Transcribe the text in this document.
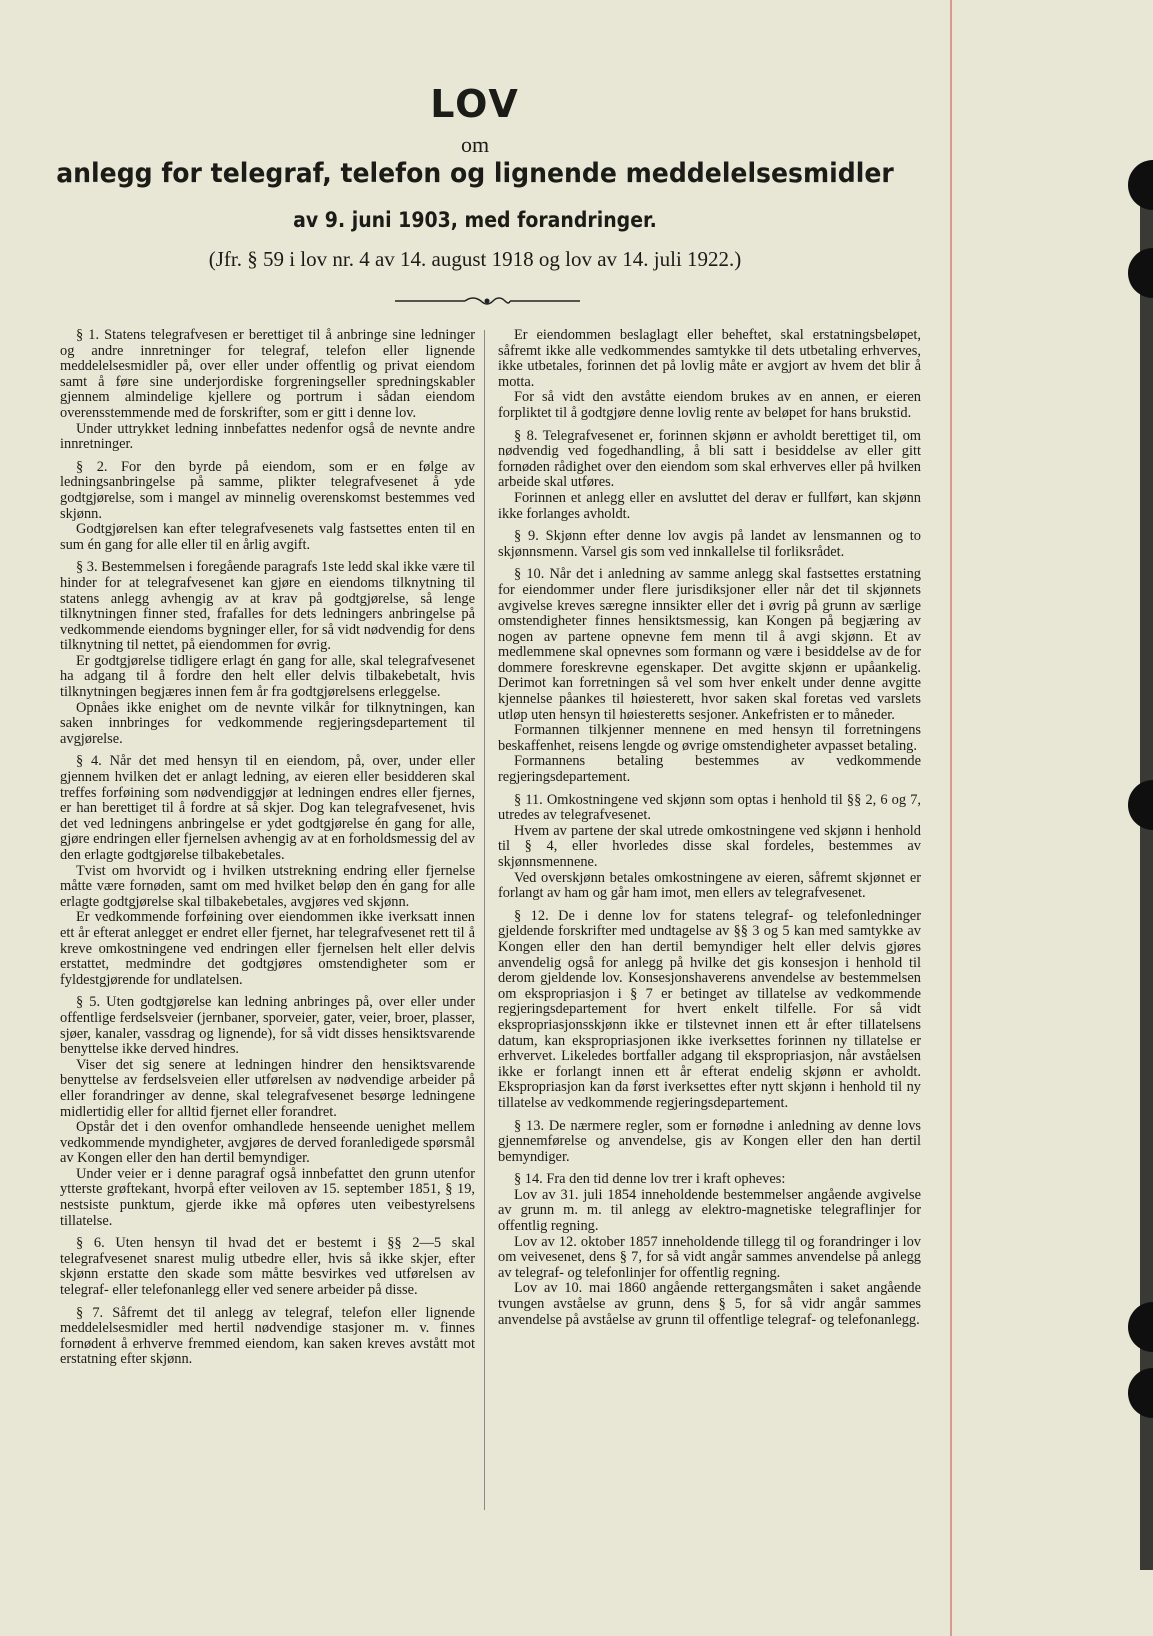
LOV
om
anlegg for telegraf, telefon og lignende meddelelsesmidler
av 9. juni 1903, med forandringer.
(Jfr. § 59 i lov nr. 4 av 14. august 1918 og lov av 14. juli 1922.)

§ 1. Statens telegrafvesen er berettiget til å anbringe sine ledninger og andre innretninger for telegraf, telefon eller lignende meddelelsesmidler på, over eller under offentlig og privat eiendom samt å føre sine underjordiske forgreningseller spredningskabler gjennem almindelige kjellere og portrum i sådan eiendom overensstemmende med de forskrifter, som er gitt i denne lov.

Under uttrykket ledning innbefattes nedenfor også de nevnte andre innretninger.

§ 2. For den byrde på eiendom, som er en følge av ledningsanbringelse på samme, plikter telegrafvesenet å yde godtgjørelse, som i mangel av minnelig overenskomst bestemmes ved skjønn.

Godtgjørelsen kan efter telegrafvesenets valg fastsettes enten til en sum én gang for alle eller til en årlig avgift.

§ 3. Bestemmelsen i foregående paragrafs 1ste ledd skal ikke være til hinder for at telegrafvesenet kan gjøre en eiendoms tilknytning til statens anlegg avhengig av at krav på godtgjørelse, så lenge tilknytningen finner sted, frafalles for dets ledningers anbringelse på vedkommende eiendoms bygninger eller, for så vidt nødvendig for dens tilknytning til nettet, på eiendommen for øvrig.

Er godtgjørelse tidligere erlagt én gang for alle, skal telegrafvesenet ha adgang til å fordre den helt eller delvis tilbakebetalt, hvis tilknytningen begjæres innen fem år fra godtgjørelsens erleggelse.

Opnåes ikke enighet om de nevnte vilkår for tilknytningen, kan saken innbringes for vedkommende regjeringsdepartement til avgjørelse.

§ 4. Når det med hensyn til en eiendom, på, over, under eller gjennem hvilken det er anlagt ledning, av eieren eller besidderen skal treffes forføining som nødvendiggjør at ledningen endres eller fjernes, er han berettiget til å fordre at så skjer. Dog kan telegrafvesenet, hvis det ved ledningens anbringelse er ydet godtgjørelse én gang for alle, gjøre endringen eller fjernelsen avhengig av at en forholdsmessig del av den erlagte godtgjørelse tilbakebetales.

Tvist om hvorvidt og i hvilken utstrekning endring eller fjernelse måtte være fornøden, samt om med hvilket beløp den én gang for alle erlagte godtgjørelse skal tilbakebetales, avgjøres ved skjønn.

Er vedkommende forføining over eiendommen ikke iverksatt innen ett år efterat anlegget er endret eller fjernet, har telegrafvesenet rett til å kreve omkostningene ved endringen eller fjernelsen helt eller delvis erstattet, medmindre det godtgjøres omstendigheter som er fyldestgjørende for undlatelsen.

§ 5. Uten godtgjørelse kan ledning anbringes på, over eller under offentlige ferdselsveier (jernbaner, sporveier, gater, veier, broer, plasser, sjøer, kanaler, vassdrag og lignende), for så vidt disses hensiktsvarende benyttelse ikke derved hindres.

Viser det sig senere at ledningen hindrer den hensiktsvarende benyttelse av ferdselsveien eller utførelsen av nødvendige arbeider på eller forandringer av denne, skal telegrafvesenet besørge ledningene midlertidig eller for alltid fjernet eller forandret.

Opstår det i den ovenfor omhandlede henseende uenighet mellem vedkommende myndigheter, avgjøres de derved foranledigede spørsmål av Kongen eller den han dertil bemyndiger.

Under veier er i denne paragraf også innbefattet den grunn utenfor ytterste grøftekant, hvorpå efter veiloven av 15. september 1851, § 19, nestsiste punktum, gjerde ikke må opføres uten veibestyrelsens tillatelse.

§ 6. Uten hensyn til hvad det er bestemt i §§ 2—5 skal telegrafvesenet snarest mulig utbedre eller, hvis så ikke skjer, efter skjønn erstatte den skade som måtte besvirkes ved utførelsen av telegraf- eller telefonanlegg eller ved senere arbeider på disse.

§ 7. Såfremt det til anlegg av telegraf, telefon eller lignende meddelelsesmidler med hertil nødvendige stasjoner m. v. finnes fornødent å erhverve fremmed eiendom, kan saken kreves avstått mot erstatning efter skjønn.

Er eiendommen beslaglagt eller beheftet, skal erstatningsbeløpet, såfremt ikke alle vedkommendes samtykke til dets utbetaling erhverves, ikke utbetales, forinnen det på lovlig måte er avgjort av hvem det blir å motta.

For så vidt den avståtte eiendom brukes av en annen, er eieren forpliktet til å godtgjøre denne lovlig rente av beløpet for hans brukstid.

§ 8. Telegrafvesenet er, forinnen skjønn er avholdt berettiget til, om nødvendig ved fogedhandling, å bli satt i besiddelse av eller gitt fornøden rådighet over den eiendom som skal erhverves eller på hvilken arbeide skal utføres.

Forinnen et anlegg eller en avsluttet del derav er fullført, kan skjønn ikke forlanges avholdt.

§ 9. Skjønn efter denne lov avgis på landet av lensmannen og to skjønnsmenn. Varsel gis som ved innkallelse til forliksrådet.

§ 10. Når det i anledning av samme anlegg skal fastsettes erstatning for eiendommer under flere jurisdiksjoner eller når det til skjønnets avgivelse kreves særegne innsikter eller det i øvrig på grunn av særlige omstendigheter finnes hensiktsmessig, kan Kongen på begjæring av nogen av partene opnevne fem menn til å avgi skjønn. Et av medlemmene skal opnevnes som formann og være i besiddelse av de for dommere foreskrevne egenskaper. Det avgitte skjønn er upåankelig. Derimot kan forretningen så vel som hver enkelt under denne avgitte kjennelse påankes til høiesterett, hvor saken skal foretas ved varslets utløp uten hensyn til høiesteretts sesjoner. Ankefristen er to måneder.

Formannen tilkjenner mennene en med hensyn til forretningens beskaffenhet, reisens lengde og øvrige omstendigheter avpasset betaling.

Formannens betaling bestemmes av vedkommende regjeringsdepartement.

§ 11. Omkostningene ved skjønn som optas i henhold til §§ 2, 6 og 7, utredes av telegrafvesenet.

Hvem av partene der skal utrede omkostningene ved skjønn i henhold til § 4, eller hvorledes disse skal fordeles, bestemmes av skjønnsmennene.

Ved overskjønn betales omkostningene av eieren, såfremt skjønnet er forlangt av ham og går ham imot, men ellers av telegrafvesenet.

§ 12. De i denne lov for statens telegraf- og telefonledninger gjeldende forskrifter med undtagelse av §§ 3 og 5 kan med samtykke av Kongen eller den han dertil bemyndiger helt eller delvis gjøres anvendelig også for anlegg på hvilke det gis konsesjon i henhold til derom gjeldende lov. Konsesjonshaverens anvendelse av bestemmelsen om ekspropriasjon i § 7 er betinget av tillatelse av vedkommende regjeringsdepartement for hvert enkelt tilfelle. For så vidt ekspropriasjonsskjønn ikke er tilstevnet innen ett år efter tillatelsens datum, kan ekspropriasjonen ikke iverksettes forinnen ny tillatelse er erhvervet. Likeledes bortfaller adgang til ekspropriasjon, når avståelsen ikke er forlangt innen ett år efterat endelig skjønn er avholdt. Ekspropriasjon kan da først iverksettes efter nytt skjønn i henhold til ny tillatelse av vedkommende regjeringsdepartement.

§ 13. De nærmere regler, som er fornødne i anledning av denne lovs gjennemførelse og anvendelse, gis av Kongen eller den han dertil bemyndiger.

§ 14. Fra den tid denne lov trer i kraft opheves:

Lov av 31. juli 1854 inneholdende bestemmelser angående avgivelse av grunn m. m. til anlegg av elektro-magnetiske telegraflinjer for offentlig regning.

Lov av 12. oktober 1857 inneholdende tillegg til og forandringer i lov om veivesenet, dens § 7, for så vidt angår sammes anvendelse på anlegg av telegraf- og telefonlinjer for offentlig regning.

Lov av 10. mai 1860 angående rettergangsmåten i saket angående tvungen avståelse av grunn, dens § 5, for så vidr angår sammes anvendelse på avståelse av grunn til offentlige telegraf- og telefonanlegg.
